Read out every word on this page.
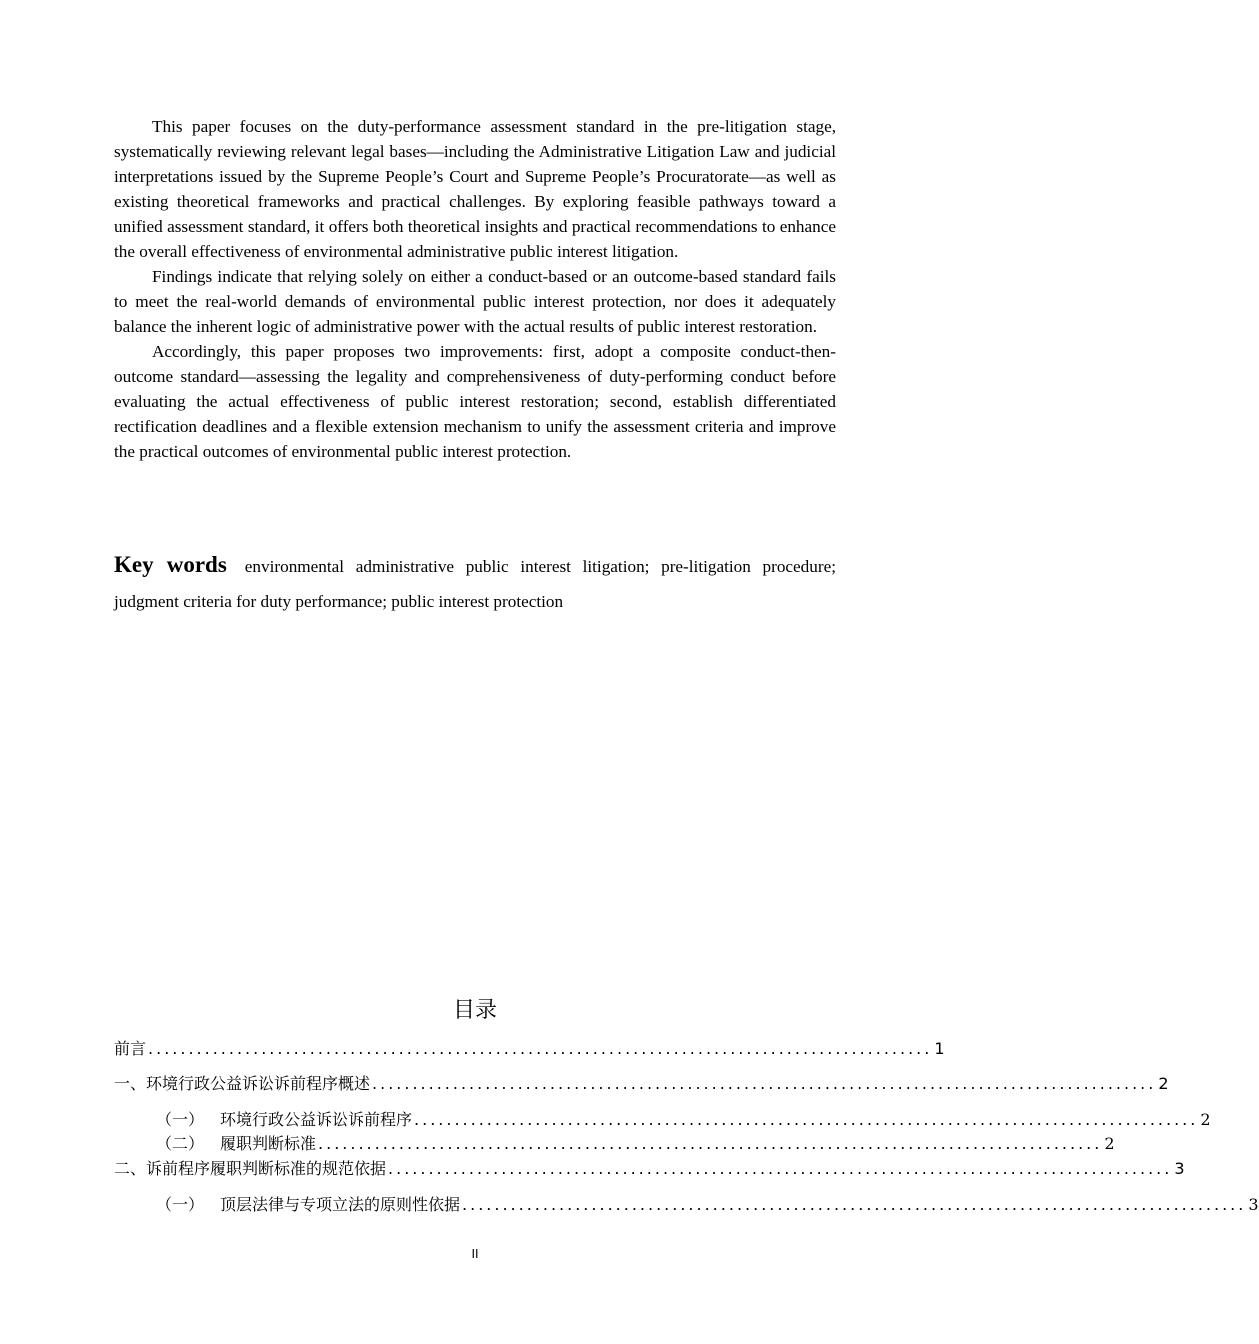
This paper focuses on the duty-performance assessment standard in the pre-litigation stage, systematically reviewing relevant legal bases—including the Administrative Litigation Law and judicial interpretations issued by the Supreme People’s Court and Supreme People’s Procuratorate—as well as existing theoretical frameworks and practical challenges. By exploring feasible pathways toward a unified assessment standard, it offers both theoretical insights and practical recommendations to enhance the overall effectiveness of environmental administrative public interest litigation.

Findings indicate that relying solely on either a conduct-based or an outcome-based standard fails to meet the real-world demands of environmental public interest protection, nor does it adequately balance the inherent logic of administrative power with the actual results of public interest restoration.

Accordingly, this paper proposes two improvements: first, adopt a composite conduct-then-outcome standard—assessing the legality and comprehensiveness of duty-performing conduct before evaluating the actual effectiveness of public interest restoration; second, establish differentiated rectification deadlines and a flexible extension mechanism to unify the assessment criteria and improve the practical outcomes of environmental public interest protection.

Key words environmental administrative public interest litigation; pre-litigation procedure; judgment criteria for duty performance; public interest protection
目录
前言 ................................................................................................. 1
一、环境行政公益诉讼诉前程序概述 ................................................................................................. 2
（一） 环境行政公益诉讼诉前程序 ................................................................................................. 2
（二） 履职判断标准 ................................................................................................. 2
二、诉前程序履职判断标准的规范依据 ................................................................................................. 3
（一） 顶层法律与专项立法的原则性依据 ................................................................................................. 3
II
